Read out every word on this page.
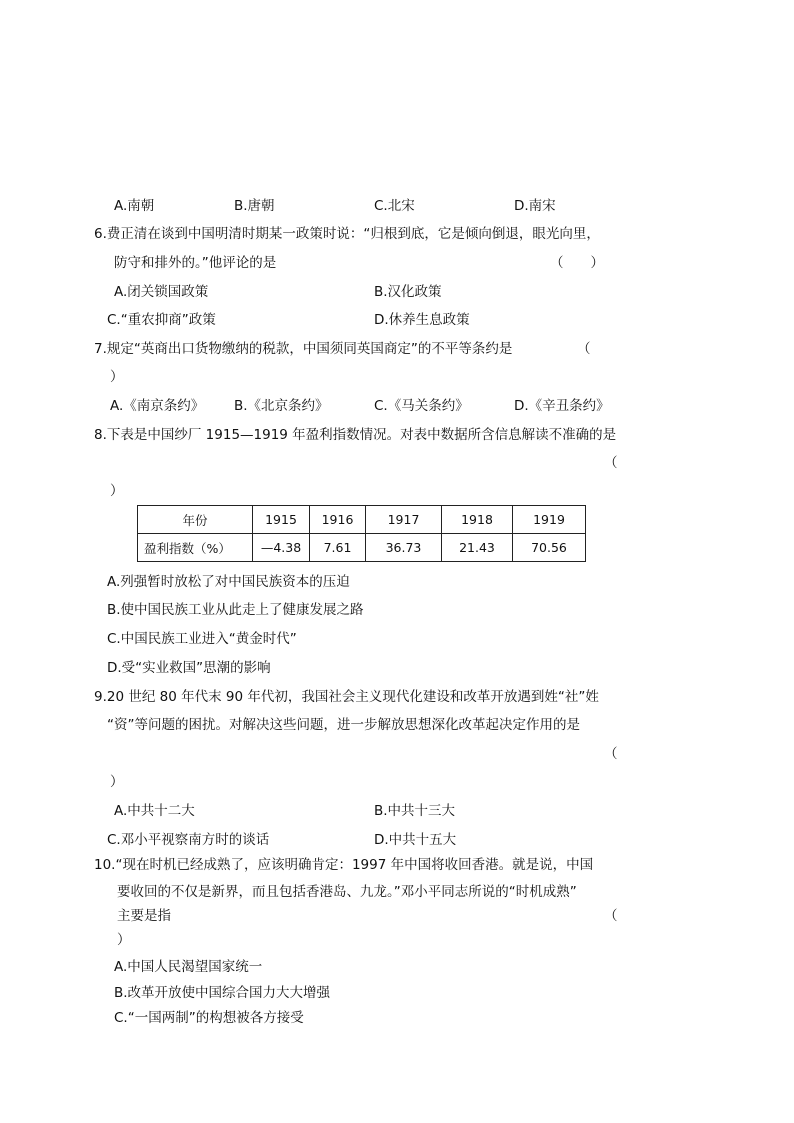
A.南朝	B.唐朝	C.北宋	D.南宋
6.费正清在谈到中国明清时期某一政策时说：“归根到底，它是倾向倒退，眼光向里，
防守和排外的。”他评论的是	（　　）
A.闭关锁国政策	B.汉化政策
C.“重农抑商”政策	D.休养生息政策
7.规定“英商出口货物缴纳的税款，中国须同英国商定”的不平等条约是	（
）
A.《南京条约》 B.《北京条约》	C.《马关条约》	D.《辛丑条约》
8.下表是中国纱厂 1915—1919 年盈利指数情况。对表中数据所含信息解读不准确的是
（
）
年份	1915	1916	1917	1918	1919
盈利指数（%）	—4.38	7.61	36.73	21.43	70.56
A.列强暂时放松了对中国民族资本的压迫
B.使中国民族工业从此走上了健康发展之路
C.中国民族工业进入“黄金时代”
D.受“实业救国”思潮的影响
9.20 世纪 80 年代末 90 年代初，我国社会主义现代化建设和改革开放遇到姓“社”姓
“资”等问题的困扰。对解决这些问题，进一步解放思想深化改革起决定作用的是
（
）
A.中共十二大	B.中共十三大
C.邓小平视察南方时的谈话	D.中共十五大
10.“现在时机已经成熟了，应该明确肯定：1997 年中国将收回香港。就是说，中国
要收回的不仅是新界，而且包括香港岛、九龙。”邓小平同志所说的“时机成熟”
主要是指	（
）
A.中国人民渴望国家统一
B.改革开放使中国综合国力大大增强
C.“一国两制”的构想被各方接受
